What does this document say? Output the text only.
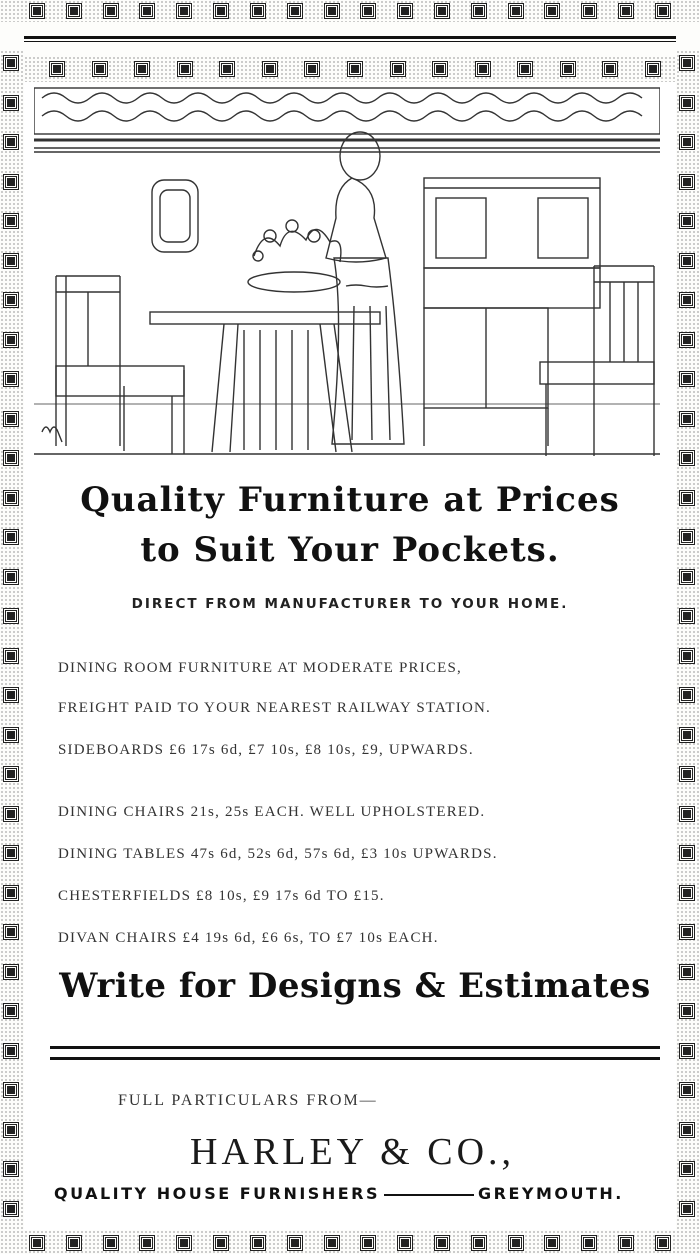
Quality Furniture at Prices
to Suit Your Pockets.
DIRECT FROM MANUFACTURER TO YOUR HOME.
DINING ROOM FURNITURE AT MODERATE PRICES,
FREIGHT PAID TO YOUR NEAREST RAILWAY STATION.
SIDEBOARDS £6 17s 6d, £7 10s, £8 10s, £9, UPWARDS.
DINING CHAIRS 21s, 25s EACH. WELL UPHOLSTERED.
DINING TABLES 47s 6d, 52s 6d, 57s 6d, £3 10s UPWARDS.
CHESTERFIELDS £8 10s, £9 17s 6d TO £15.
DIVAN CHAIRS £4 19s 6d, £6 6s, TO £7 10s EACH.
Write for Designs & Estimates
FULL PARTICULARS FROM—
HARLEY & CO.,
QUALITY HOUSE FURNISHERS	GREYMOUTH.
